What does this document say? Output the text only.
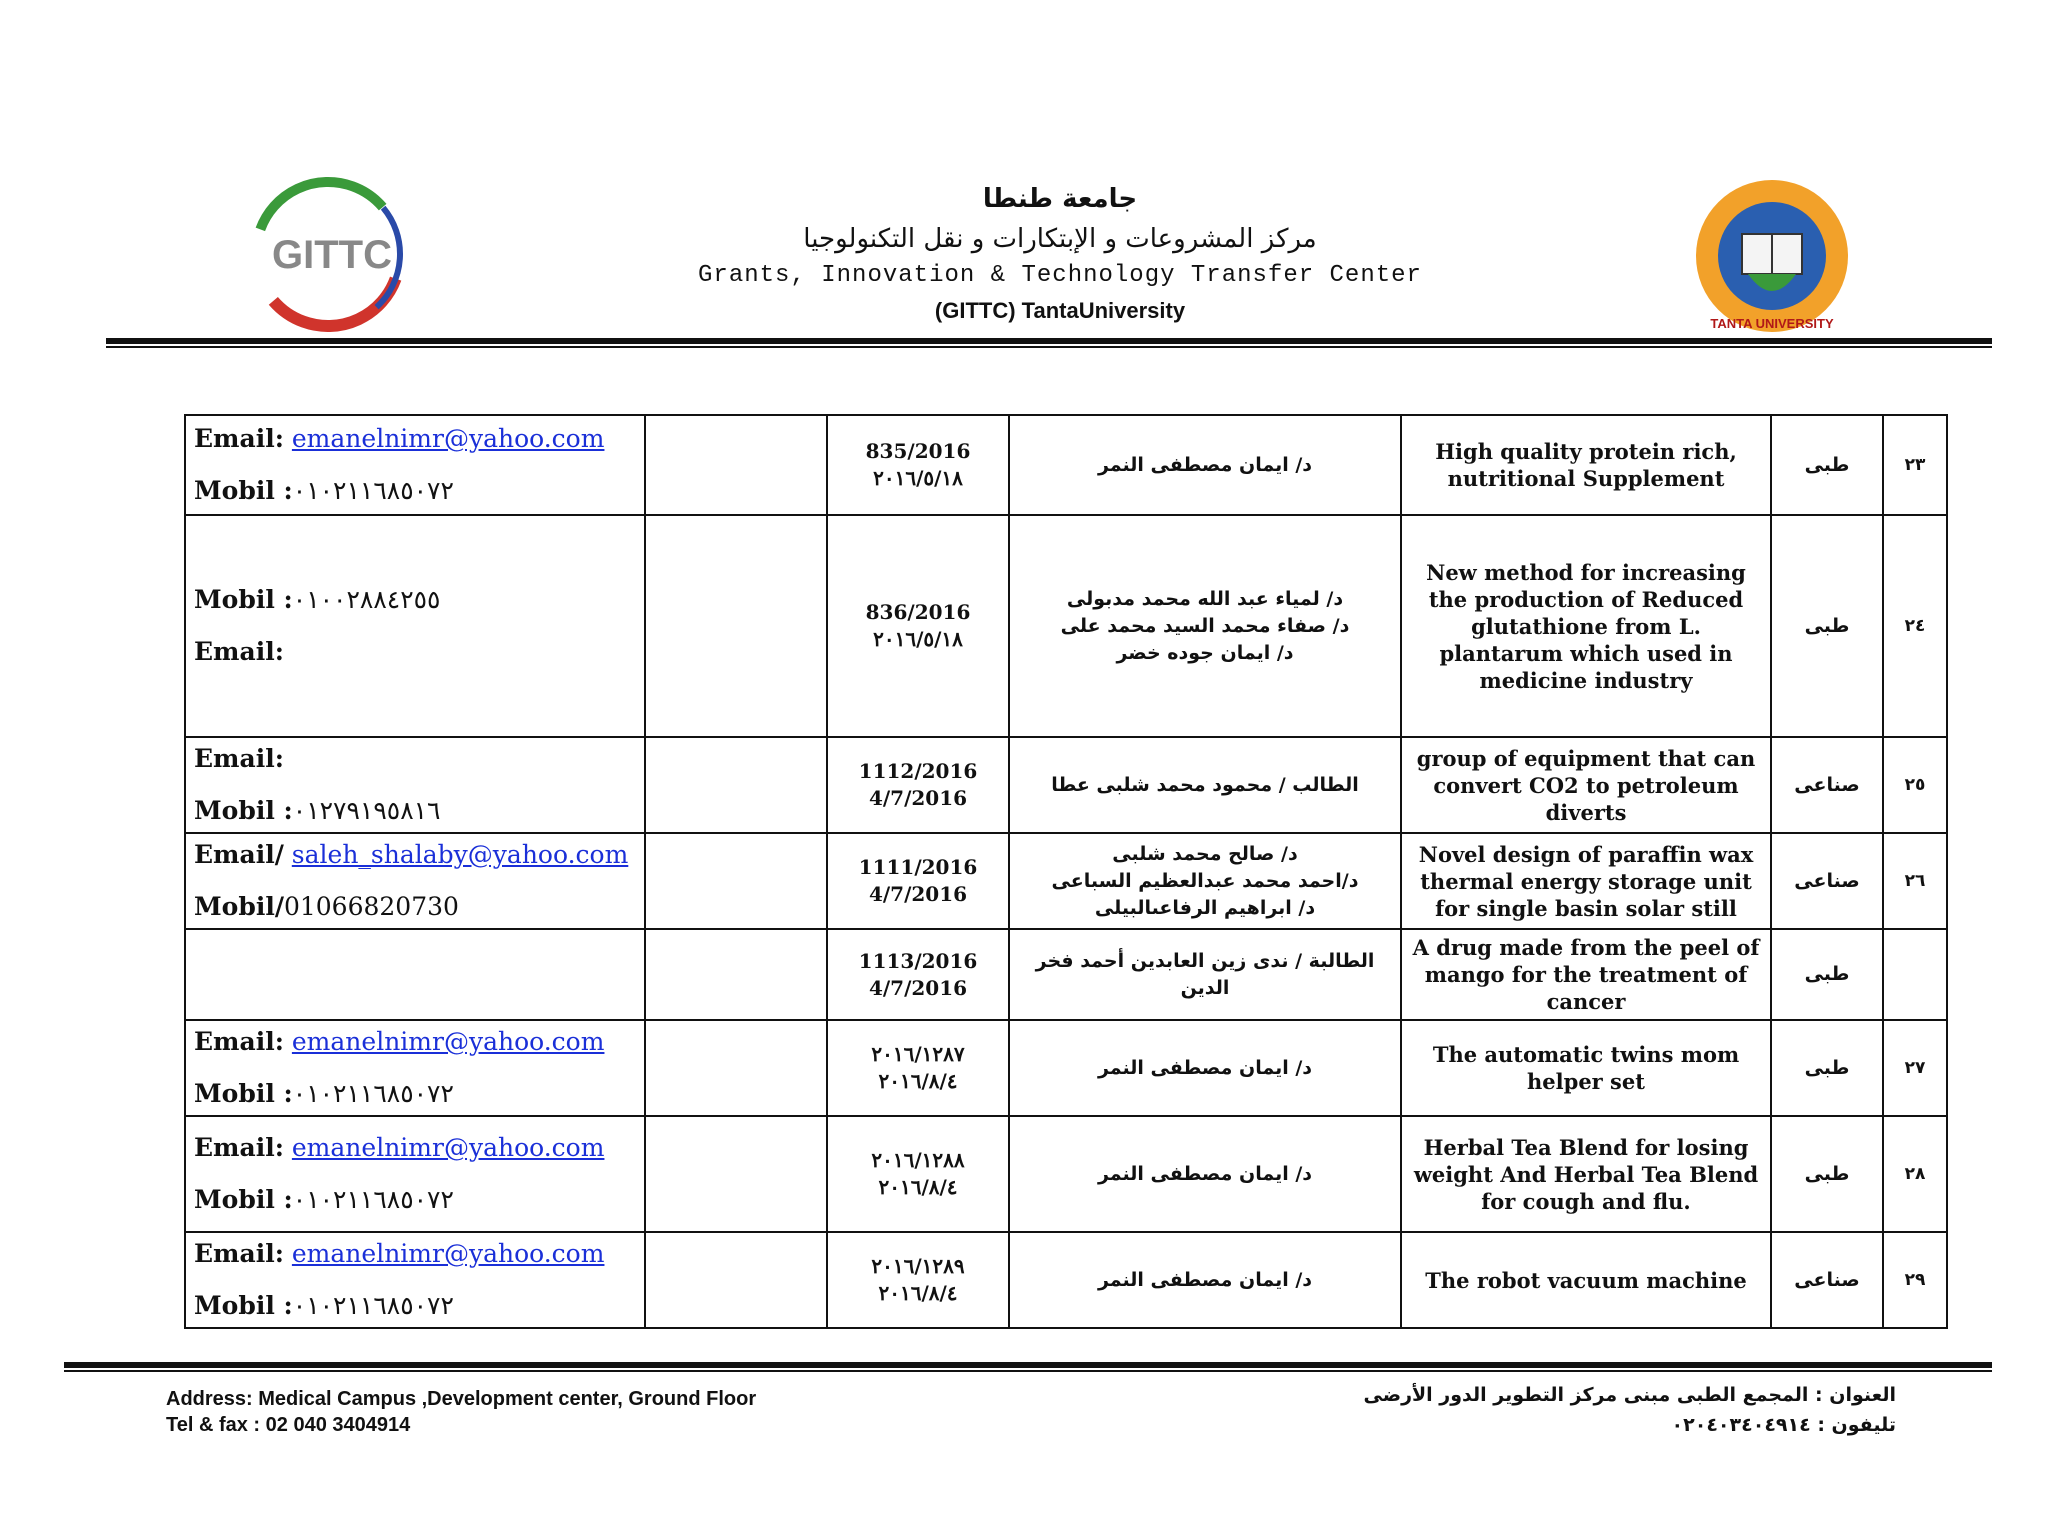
GITTC
جامعة طنطا
مركز المشروعات و الإبتكارات و نقل التكنولوجيا
Grants, Innovation & Technology Transfer Center
(GITTC) TantaUniversity
TANTA UNIVERSITY
Email: emanelnimr@yahoo.com
Mobil :٠١٠٢١١٦٨٥٠٧٢		835/2016
٢٠١٦/٥/١٨	د/ ايمان مصطفى النمر	High quality protein rich, nutritional Supplement	طبى	٢٣

Mobil :٠١٠٠٢٨٨٤٢٥٥
Email:		836/2016
٢٠١٦/٥/١٨	د/ لمياء عبد الله محمد مدبولى
د/ صفاء محمد السيد محمد على
د/ ايمان جوده خضر	New method for increasing the production of Reduced glutathione from L. plantarum which used in medicine industry	طبى	٢٤

Email:
Mobil :٠١٢٧٩١٩٥٨١٦		1112/2016
4/7/2016	الطالب / محمود محمد شلبى عطا	group of equipment that can convert CO2 to petroleum diverts	صناعى	٢٥

Email/ saleh_shalaby@yahoo.com
Mobil/01066820730		1111/2016
4/7/2016	د/ صالح محمد شلبى
د/احمد محمد عبدالعظيم السباعى
د/ ابراهيم الرفاعىالبيلى	Novel design of paraffin wax thermal energy storage unit for single basin solar still	صناعى	٢٦

		1113/2016
4/7/2016	الطالبة / ندى زين العابدين أحمد فخر الدين	A drug made from the peel of mango for the treatment of cancer	طبى	

Email: emanelnimr@yahoo.com
Mobil :٠١٠٢١١٦٨٥٠٧٢		٢٠١٦/١٢٨٧
٢٠١٦/٨/٤	د/ ايمان مصطفى النمر	The automatic twins mom helper set	طبى	٢٧

Email: emanelnimr@yahoo.com
Mobil :٠١٠٢١١٦٨٥٠٧٢		٢٠١٦/١٢٨٨
٢٠١٦/٨/٤	د/ ايمان مصطفى النمر	Herbal Tea Blend for losing weight And Herbal Tea Blend for cough and flu.	طبى	٢٨

Email: emanelnimr@yahoo.com
Mobil :٠١٠٢١١٦٨٥٠٧٢		٢٠١٦/١٢٨٩
٢٠١٦/٨/٤	د/ ايمان مصطفى النمر	The robot vacuum machine	صناعى	٢٩
Address: Medical Campus ,Development center, Ground Floor
Tel & fax : 02 040 3404914
العنوان : المجمع الطبى مبنى مركز التطوير الدور الأرضى
تليفون : ٠٢٠٤٠٣٤٠٤٩١٤
